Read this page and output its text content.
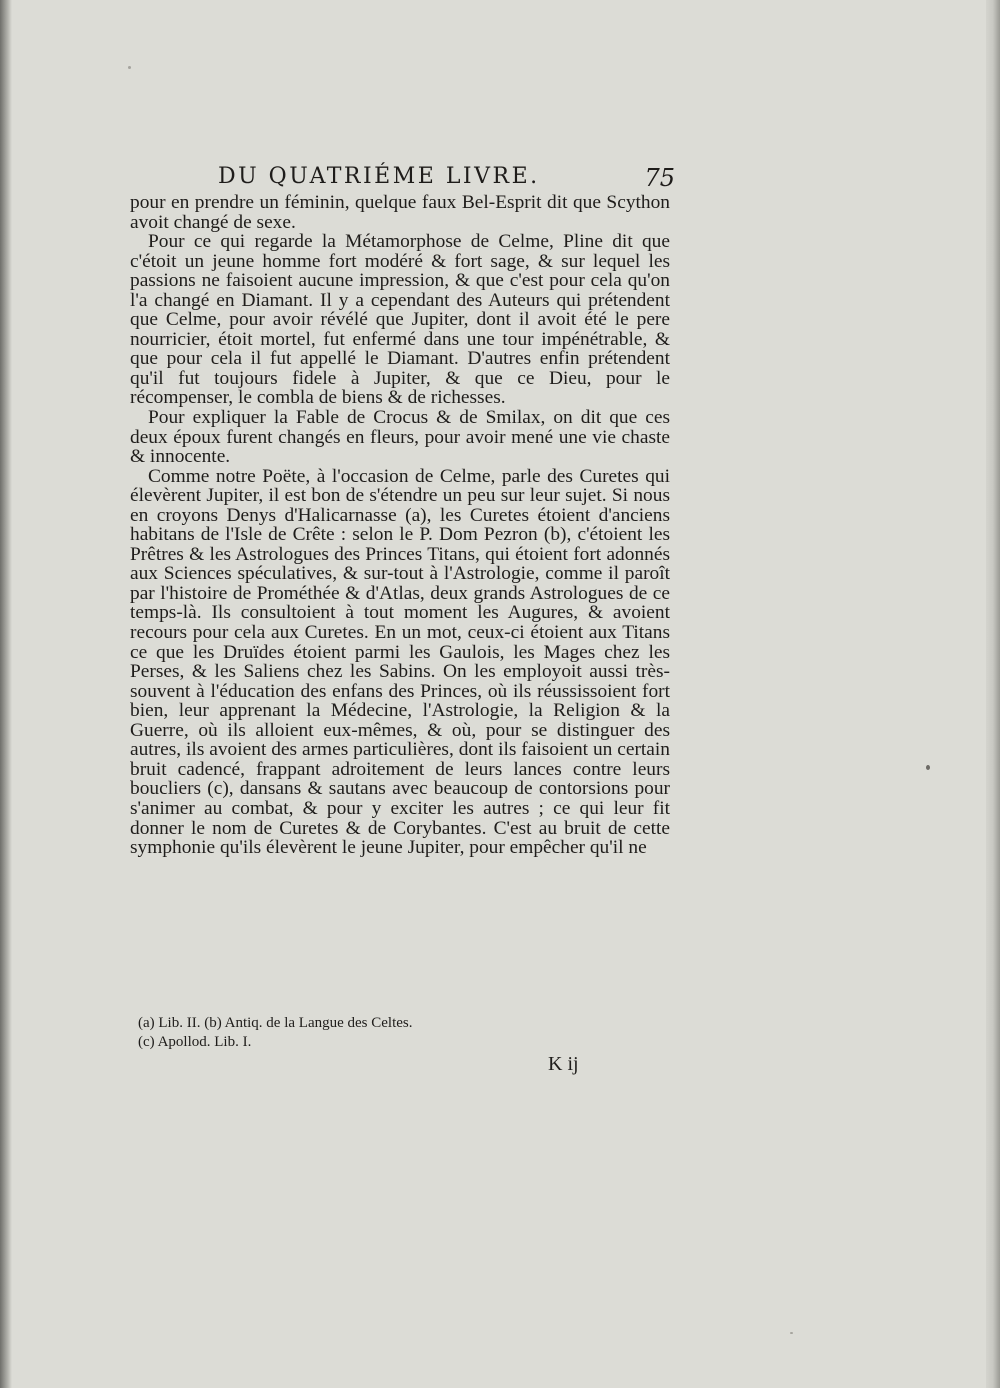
DU QUATRIÉME LIVRE.	75

pour en prendre un féminin, quelque faux Bel-Esprit dit que Scython avoit changé de sexe.

Pour ce qui regarde la Métamorphose de Celme, Pline dit que c'étoit un jeune homme fort modéré & fort sage, & sur lequel les passions ne faisoient aucune impression, & que c'est pour cela qu'on l'a changé en Diamant. Il y a cependant des Auteurs qui prétendent que Celme, pour avoir révélé que Jupiter, dont il avoit été le pere nourricier, étoit mortel, fut enfermé dans une tour impénétrable, & que pour cela il fut appellé le Diamant. D'autres enfin prétendent qu'il fut toujours fidele à Jupiter, & que ce Dieu, pour le récompenser, le combla de biens & de richesses.

Pour expliquer la Fable de Crocus & de Smilax, on dit que ces deux époux furent changés en fleurs, pour avoir mené une vie chaste & innocente.

Comme notre Poëte, à l'occasion de Celme, parle des Curetes qui élevèrent Jupiter, il est bon de s'étendre un peu sur leur sujet. Si nous en croyons Denys d'Halicarnasse (a), les Curetes étoient d'anciens habitans de l'Isle de Crête : selon le P. Dom Pezron (b), c'étoient les Prêtres & les Astrologues des Princes Titans, qui étoient fort adonnés aux Sciences spéculatives, & sur-tout à l'Astrologie, comme il paroît par l'histoire de Prométhée & d'Atlas, deux grands Astrologues de ce temps-là. Ils consultoient à tout moment les Augures, & avoient recours pour cela aux Curetes. En un mot, ceux-ci étoient aux Titans ce que les Druïdes étoient parmi les Gaulois, les Mages chez les Perses, & les Saliens chez les Sabins. On les employoit aussi très-souvent à l'éducation des enfans des Princes, où ils réussissoient fort bien, leur apprenant la Médecine, l'Astrologie, la Religion & la Guerre, où ils alloient eux-mêmes, & où, pour se distinguer des autres, ils avoient des armes particulières, dont ils faisoient un certain bruit cadencé, frappant adroitement de leurs lances contre leurs boucliers (c), dansans & sautans avec beaucoup de contorsions pour s'animer au combat, & pour y exciter les autres ; ce qui leur fit donner le nom de Curetes & de Corybantes. C'est au bruit de cette symphonie qu'ils élevèrent le jeune Jupiter, pour empêcher qu'il ne

(a) Lib. II. (b) Antiq. de la Langue des Celtes.
(c) Apollod. Lib. I.
K ij
